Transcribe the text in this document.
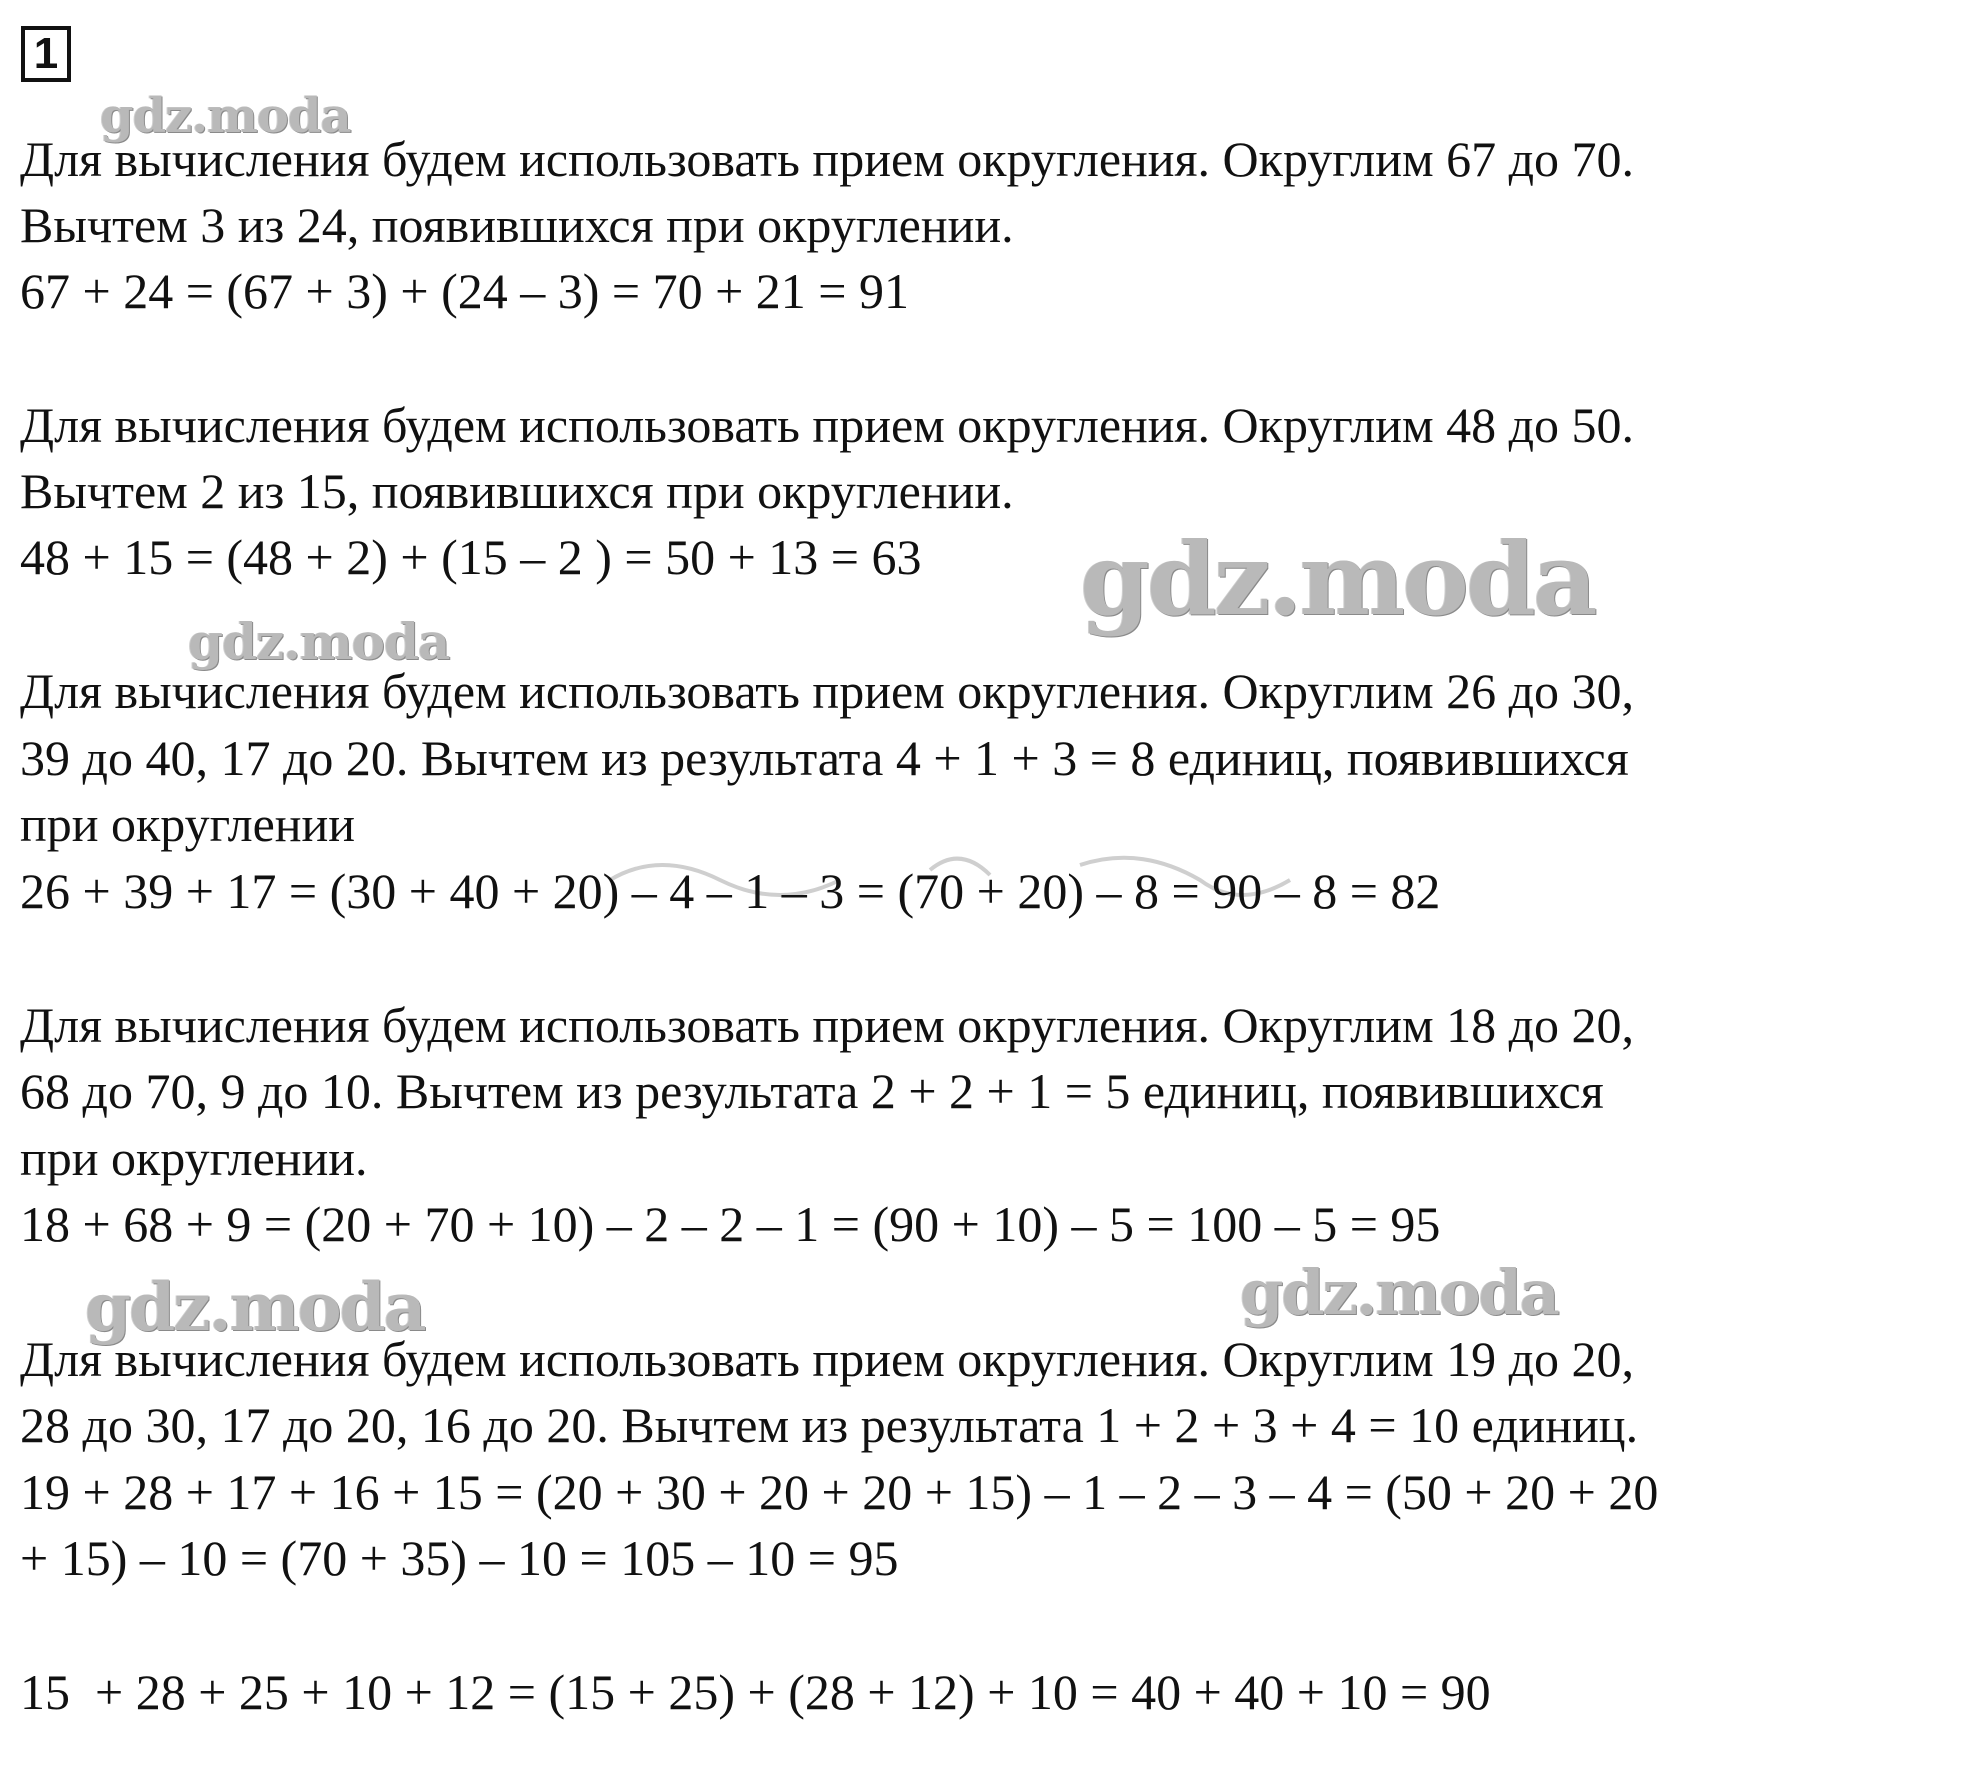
1
gdz.moda
gdz.moda
gdz.moda
gdz.moda	gdz.moda
Для вычисления будем использовать прием округления. Округлим 67 до 70.
Вычтем 3 из 24, появившихся при округлении.
67 + 24 = (67 + 3) + (24 – 3) = 70 + 21 = 91
Для вычисления будем использовать прием округления. Округлим 48 до 50.
Вычтем 2 из 15, появившихся при округлении.
48 + 15 = (48 + 2) + (15 – 2 ) = 50 + 13 = 63
Для вычисления будем использовать прием округления. Округлим 26 до 30,
39 до 40, 17 до 20. Вычтем из результата 4 + 1 + 3 = 8 единиц, появившихся
при округлении
26 + 39 + 17 = (30 + 40 + 20) – 4 – 1 – 3 = (70 + 20) – 8 = 90 – 8 = 82
Для вычисления будем использовать прием округления. Округлим 18 до 20,
68 до 70, 9 до 10. Вычтем из результата 2 + 2 + 1 = 5 единиц, появившихся
при округлении.
18 + 68 + 9 = (20 + 70 + 10) – 2 – 2 – 1 = (90 + 10) – 5 = 100 – 5 = 95
Для вычисления будем использовать прием округления. Округлим 19 до 20,
28 до 30, 17 до 20, 16 до 20. Вычтем из результата 1 + 2 + 3 + 4 = 10 единиц.
19 + 28 + 17 + 16 + 15 = (20 + 30 + 20 + 20 + 15) – 1 – 2 – 3 – 4 = (50 + 20 + 20
+ 15) – 10 = (70 + 35) – 10 = 105 – 10 = 95
15  + 28 + 25 + 10 + 12 = (15 + 25) + (28 + 12) + 10 = 40 + 40 + 10 = 90
